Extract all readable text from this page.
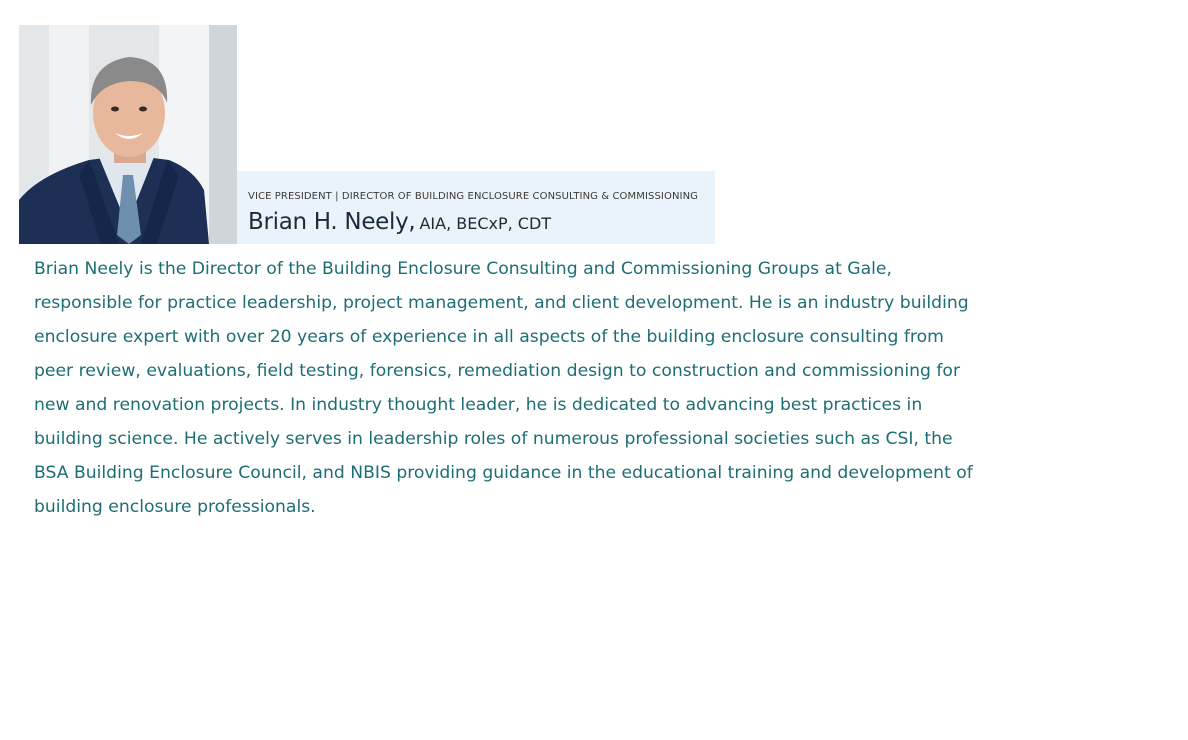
VICE PRESIDENT | DIRECTOR OF BUILDING ENCLOSURE CONSULTING & COMMISSIONING
Brian H. Neely, AIA, BECxP, CDT

Brian Neely is the Director of the Building Enclosure Consulting and Commissioning Groups at Gale, responsible for practice leadership, project management, and client development. He is an industry building enclosure expert with over 20 years of experience in all aspects of the building enclosure consulting from peer review, evaluations, field testing, forensics, remediation design to construction and commissioning for new and renovation projects. In industry thought leader, he is dedicated to advancing best practices in building science. He actively serves in leadership roles of numerous professional societies such as CSI, the BSA Building Enclosure Council, and NBIS providing guidance in the educational training and development of building enclosure professionals.
